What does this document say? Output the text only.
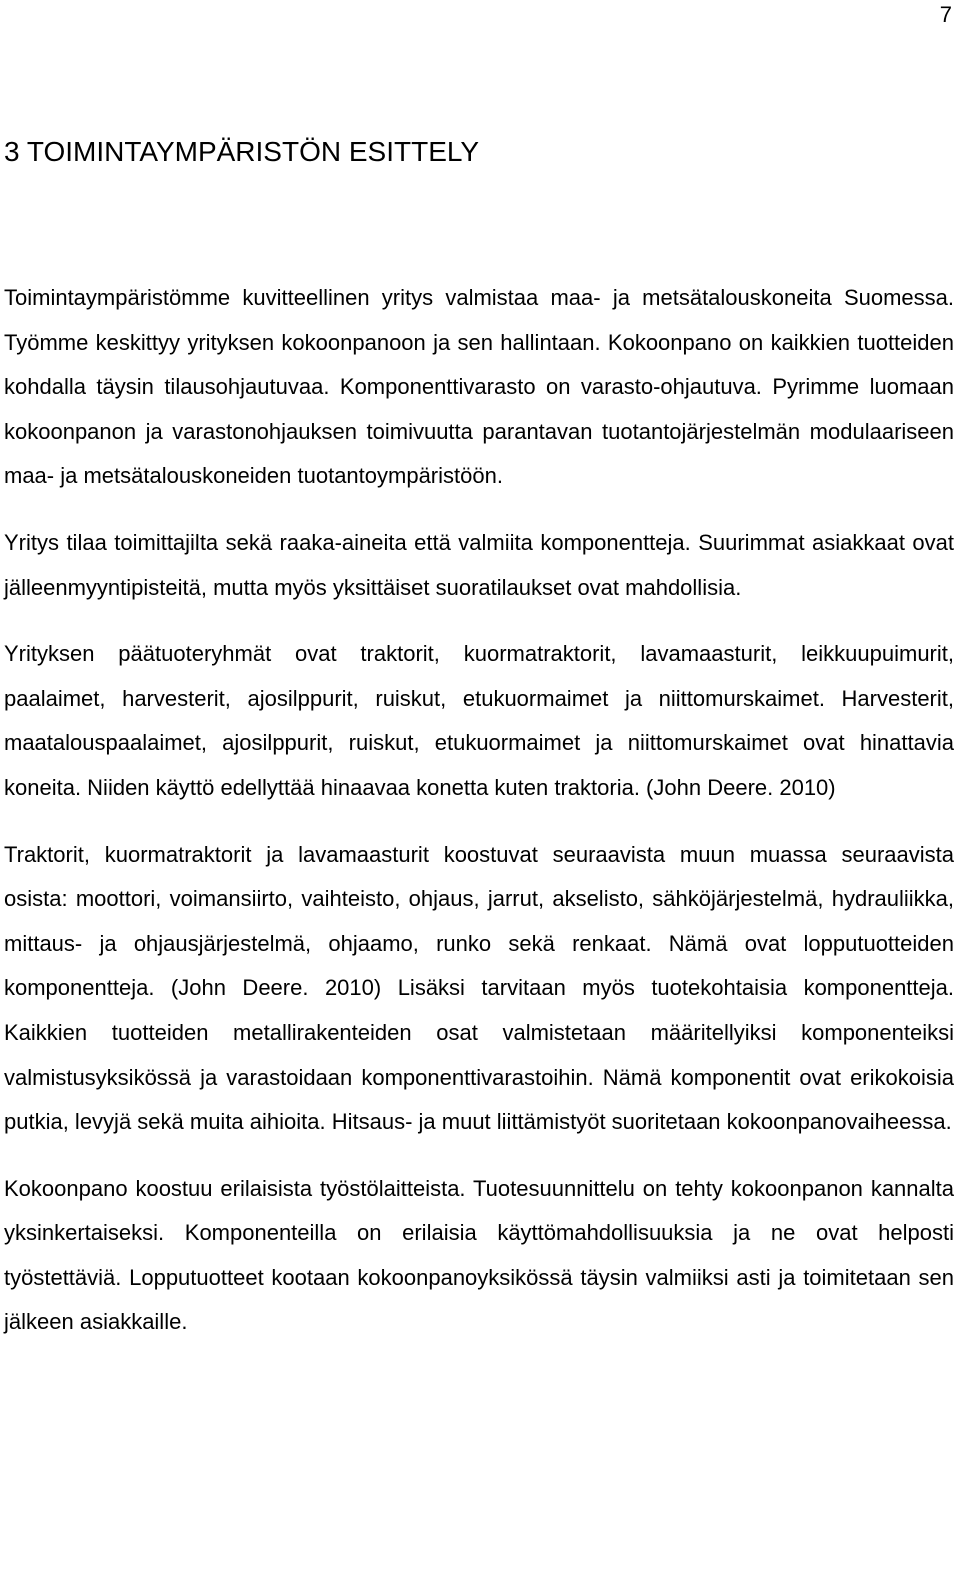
7
3 TOIMINTAYMPÄRISTÖN ESITTELY

Toimintaympäristömme kuvitteellinen yritys valmistaa maa- ja metsätalouskoneita Suomessa. Työmme keskittyy yrityksen kokoonpanoon ja sen hallintaan. Kokoonpano on kaikkien tuotteiden kohdalla täysin tilausohjautuvaa. Komponenttivarasto on varasto-ohjautuva. Pyrimme luomaan kokoonpanon ja varastonohjauksen toimivuutta parantavan tuotantojärjestelmän modulaariseen maa- ja metsätalouskoneiden tuotantoympäristöön.

Yritys tilaa toimittajilta sekä raaka-aineita että valmiita komponentteja. Suurimmat asiakkaat ovat jälleenmyyntipisteitä, mutta myös yksittäiset suoratilaukset ovat mahdollisia.

Yrityksen päätuoteryhmät ovat traktorit, kuormatraktorit, lavamaasturit, leikkuupuimurit, paalaimet, harvesterit, ajosilppurit, ruiskut, etukuormaimet ja niittomurskaimet. Harvesterit, maatalouspaalaimet, ajosilppurit, ruiskut, etukuormaimet ja niittomurskaimet ovat hinattavia koneita. Niiden käyttö edellyttää hinaavaa konetta kuten traktoria. (John Deere. 2010)

Traktorit, kuormatraktorit ja lavamaasturit koostuvat seuraavista muun muassa seuraavista osista: moottori, voimansiirto, vaihteisto, ohjaus, jarrut, akselisto, sähköjärjestelmä, hydrauliikka, mittaus- ja ohjausjärjestelmä, ohjaamo, runko sekä renkaat. Nämä ovat lopputuotteiden komponentteja. (John Deere. 2010) Lisäksi tarvitaan myös tuotekohtaisia komponentteja. Kaikkien tuotteiden metallirakenteiden osat valmistetaan määritellyiksi komponenteiksi valmistusyksikössä ja varastoidaan komponenttivarastoihin. Nämä komponentit ovat erikokoisia putkia, levyjä sekä muita aihioita. Hitsaus- ja muut liittämistyöt suoritetaan kokoonpanovaiheessa.

Kokoonpano koostuu erilaisista työstölaitteista. Tuotesuunnittelu on tehty kokoonpanon kannalta yksinkertaiseksi. Komponenteilla on erilaisia käyttömahdollisuuksia ja ne ovat helposti työstettäviä. Lopputuotteet kootaan kokoonpanoyksikössä täysin valmiiksi asti ja toimitetaan sen jälkeen asiakkaille.
